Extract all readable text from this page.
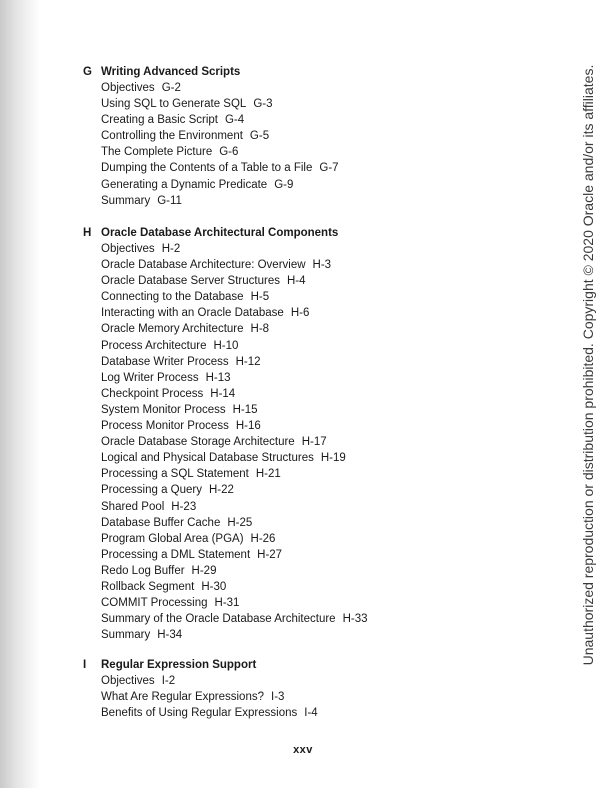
G Writing Advanced Scripts
Objectives G-2
Using SQL to Generate SQL G-3
Creating a Basic Script G-4
Controlling the Environment G-5
The Complete Picture G-6
Dumping the Contents of a Table to a File G-7
Generating a Dynamic Predicate G-9
Summary G-11
H Oracle Database Architectural Components
Objectives H-2
Oracle Database Architecture: Overview H-3
Oracle Database Server Structures H-4
Connecting to the Database H-5
Interacting with an Oracle Database H-6
Oracle Memory Architecture H-8
Process Architecture H-10
Database Writer Process H-12
Log Writer Process H-13
Checkpoint Process H-14
System Monitor Process H-15
Process Monitor Process H-16
Oracle Database Storage Architecture H-17
Logical and Physical Database Structures H-19
Processing a SQL Statement H-21
Processing a Query H-22
Shared Pool H-23
Database Buffer Cache H-25
Program Global Area (PGA) H-26
Processing a DML Statement H-27
Redo Log Buffer H-29
Rollback Segment H-30
COMMIT Processing H-31
Summary of the Oracle Database Architecture H-33
Summary H-34
I Regular Expression Support
Objectives I-2
What Are Regular Expressions? I-3
Benefits of Using Regular Expressions I-4
xxv
Unauthorized reproduction or distribution prohibited. Copyright © 2020 Oracle and/or its affiliates.
